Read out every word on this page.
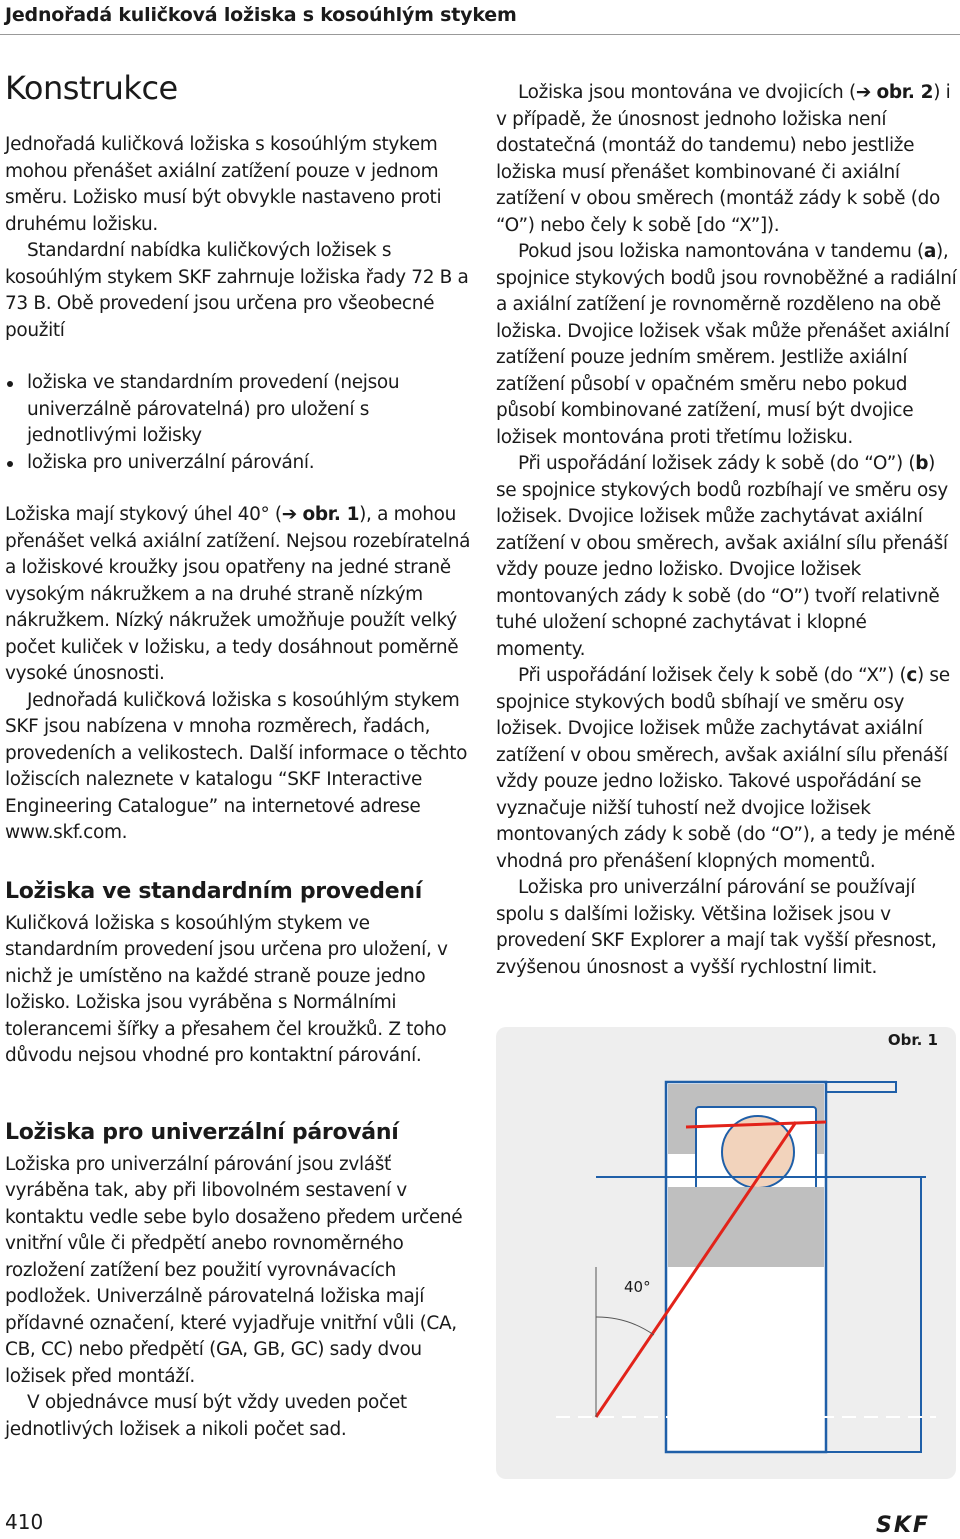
Jednořadá kuličková ložiska s kosoúhlým stykem
Konstrukce

Jednořadá kuličková ložiska s kosoúhlým stykem mohou přenášet axiální zatížení pouze v jednom směru. Ložisko musí být obvykle nastaveno proti druhému ložisku.

Standardní nabídka kuličkových ložisek s kosoúhlým stykem SKF zahrnuje ložiska řady 72 B a 73 B. Obě provedení jsou určena pro všeobecné použití

ložiska ve standardním provedení (nejsou univerzálně párovatelná) pro uložení s jednotlivými ložisky
ložiska pro univerzální párování.

Ložiska mají stykový úhel 40° (➔ obr. 1), a mohou přenášet velká axiální zatížení. Nejsou rozebíratelná a ložiskové kroužky jsou opatřeny na jedné straně vysokým nákružkem a na druhé straně nízkým nákružkem. Nízký nákružek umožňuje použít velký počet kuliček v ložisku, a tedy dosáhnout poměrně vysoké únosnosti.

Jednořadá kuličková ložiska s kosoúhlým stykem SKF jsou nabízena v mnoha rozměrech, řadách, provedeních a velikostech. Další informace o těchto ložiscích naleznete v katalogu “SKF Interactive Engineering Catalogue” na internetové adrese www.skf.com.

Ložiska ve standardním provedení

Kuličková ložiska s kosoúhlým stykem ve standardním provedení jsou určena pro uložení, v nichž je umístěno na každé straně pouze jedno ložisko. Ložiska jsou vyráběna s Normálními tolerancemi šířky a přesahem čel kroužků. Z toho důvodu nejsou vhodné pro kontaktní párování.

Ložiska pro univerzální párování

Ložiska pro univerzální párování jsou zvlášť vyráběna tak, aby při libovolném sestavení v kontaktu vedle sebe bylo dosaženo předem určené vnitřní vůle či předpětí anebo rovnoměrného rozložení zatížení bez použití vyrovnávacích podložek. Univerzálně párovatelná ložiska mají přídavné označení, které vyjadřuje vnitřní vůli (CA, CB, CC) nebo předpětí (GA, GB, GC) sady dvou ložisek před montáží.

V objednávce musí být vždy uveden počet jednotlivých ložisek a nikoli počet sad.

Ložiska jsou montována ve dvojicích (➔ obr. 2) i v případě, že únosnost jednoho ložiska není dostatečná (montáž do tandemu) nebo jestliže ložiska musí přenášet kombinované či axiální zatížení v obou směrech (montáž zády k sobě (do “O”) nebo čely k sobě [do “X”]).

Pokud jsou ložiska namontována v tandemu (a), spojnice stykových bodů jsou rovnoběžné a radiální a axiální zatížení je rovnoměrně rozděleno na obě ložiska. Dvojice ložisek však může přenášet axiální zatížení pouze jedním směrem. Jestliže axiální zatížení působí v opačném směru nebo pokud působí kombinované zatížení, musí být dvojice ložisek montována proti třetímu ložisku.

Při uspořádání ložisek zády k sobě (do “O”) (b) se spojnice stykových bodů rozbíhají ve směru osy ložisek. Dvojice ložisek může zachytávat axiální zatížení v obou směrech, avšak axiální sílu přenáší vždy pouze jedno ložisko. Dvojice ložisek montovaných zády k sobě (do “O”) tvoří relativně tuhé uložení schopné zachytávat i klopné momenty.

Při uspořádání ložisek čely k sobě (do “X”) (c) se spojnice stykových bodů sbíhají ve směru osy ložisek. Dvojice ložisek může zachytávat axiální zatížení v obou směrech, avšak axiální sílu přenáší vždy pouze jedno ložisko. Takové uspořádání se vyznačuje nižší tuhostí než dvojice ložisek montovaných zády k sobě (do “O”), a tedy je méně vhodná pro přenášení klopných momentů.

Ložiska pro univerzální párování se používají spolu s dalšími ložisky. Většina ložisek jsou v provedení SKF Explorer a mají tak vyšší přesnost, zvýšenou únosnost a vyšší rychlostní limit.

Obr. 1
40°
410	SKF
